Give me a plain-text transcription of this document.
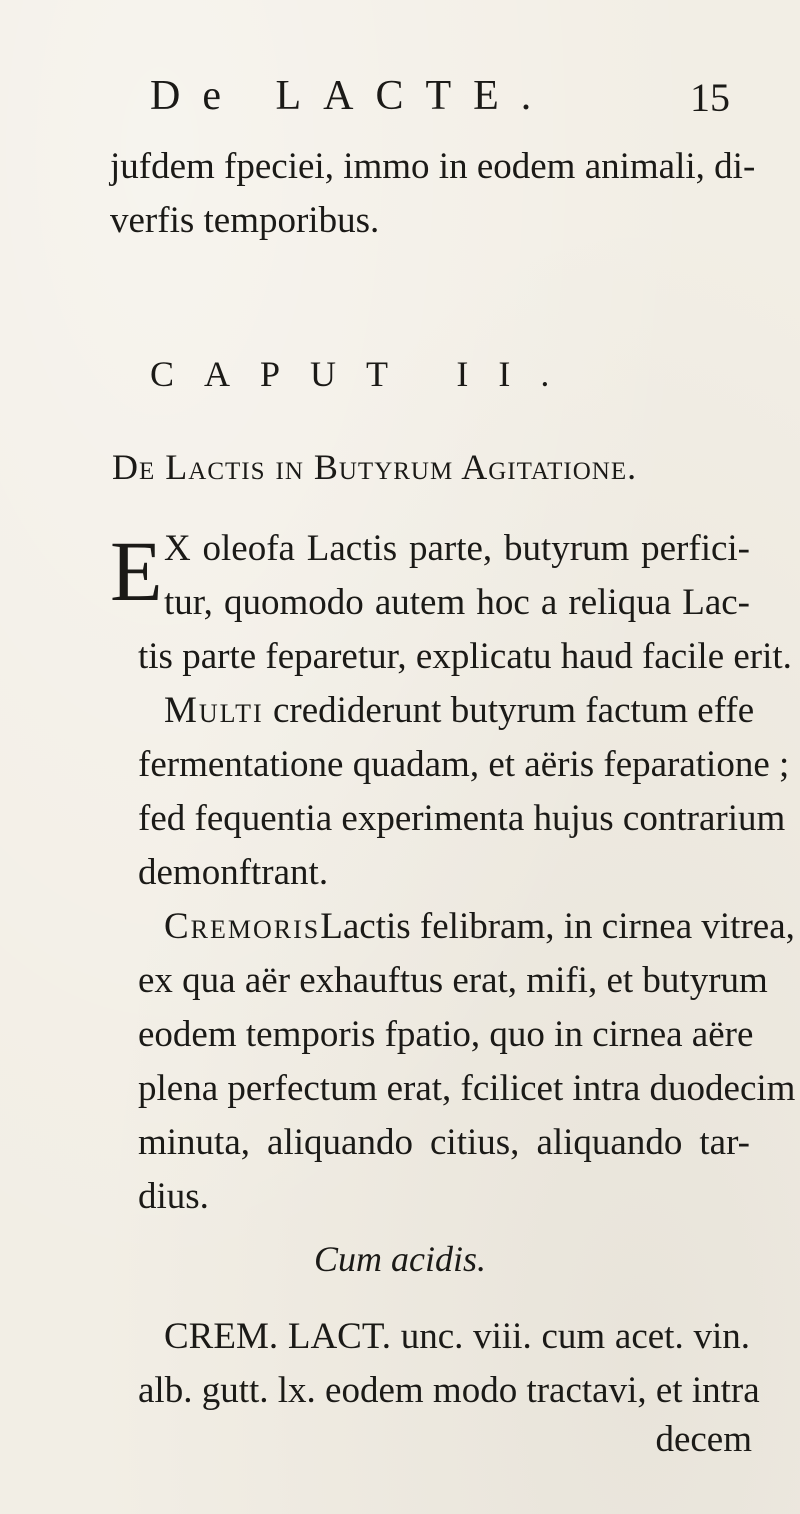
De LACTE.	15
jufdem fpeciei, immo in eodem animali, di-
verfis temporibus.
CAPUT II.
De Lactis in Butyrum Agitatione.
E X oleofa Lactis parte, butyrum perfici-
tur, quomodo autem hoc a reliqua Lac-
tis parte feparetur, explicatu haud facile erit.
Multi crediderunt butyrum factum effe
fermentatione quadam, et aëris feparatione ;
fed fequentia experimenta hujus contrarium
demonftrant.
CremorisLactis felibram, in cirnea vitrea,
ex qua aër exhauftus erat, mifi, et butyrum
eodem temporis fpatio, quo in cirnea aëre
plena perfectum erat, fcilicet intra duodecim
minuta, aliquando citius, aliquando tar-
dius.
Cum acidis.
CREM. LACT. unc. viii. cum acet. vin.
alb. gutt. lx. eodem modo tractavi, et intra
decem
